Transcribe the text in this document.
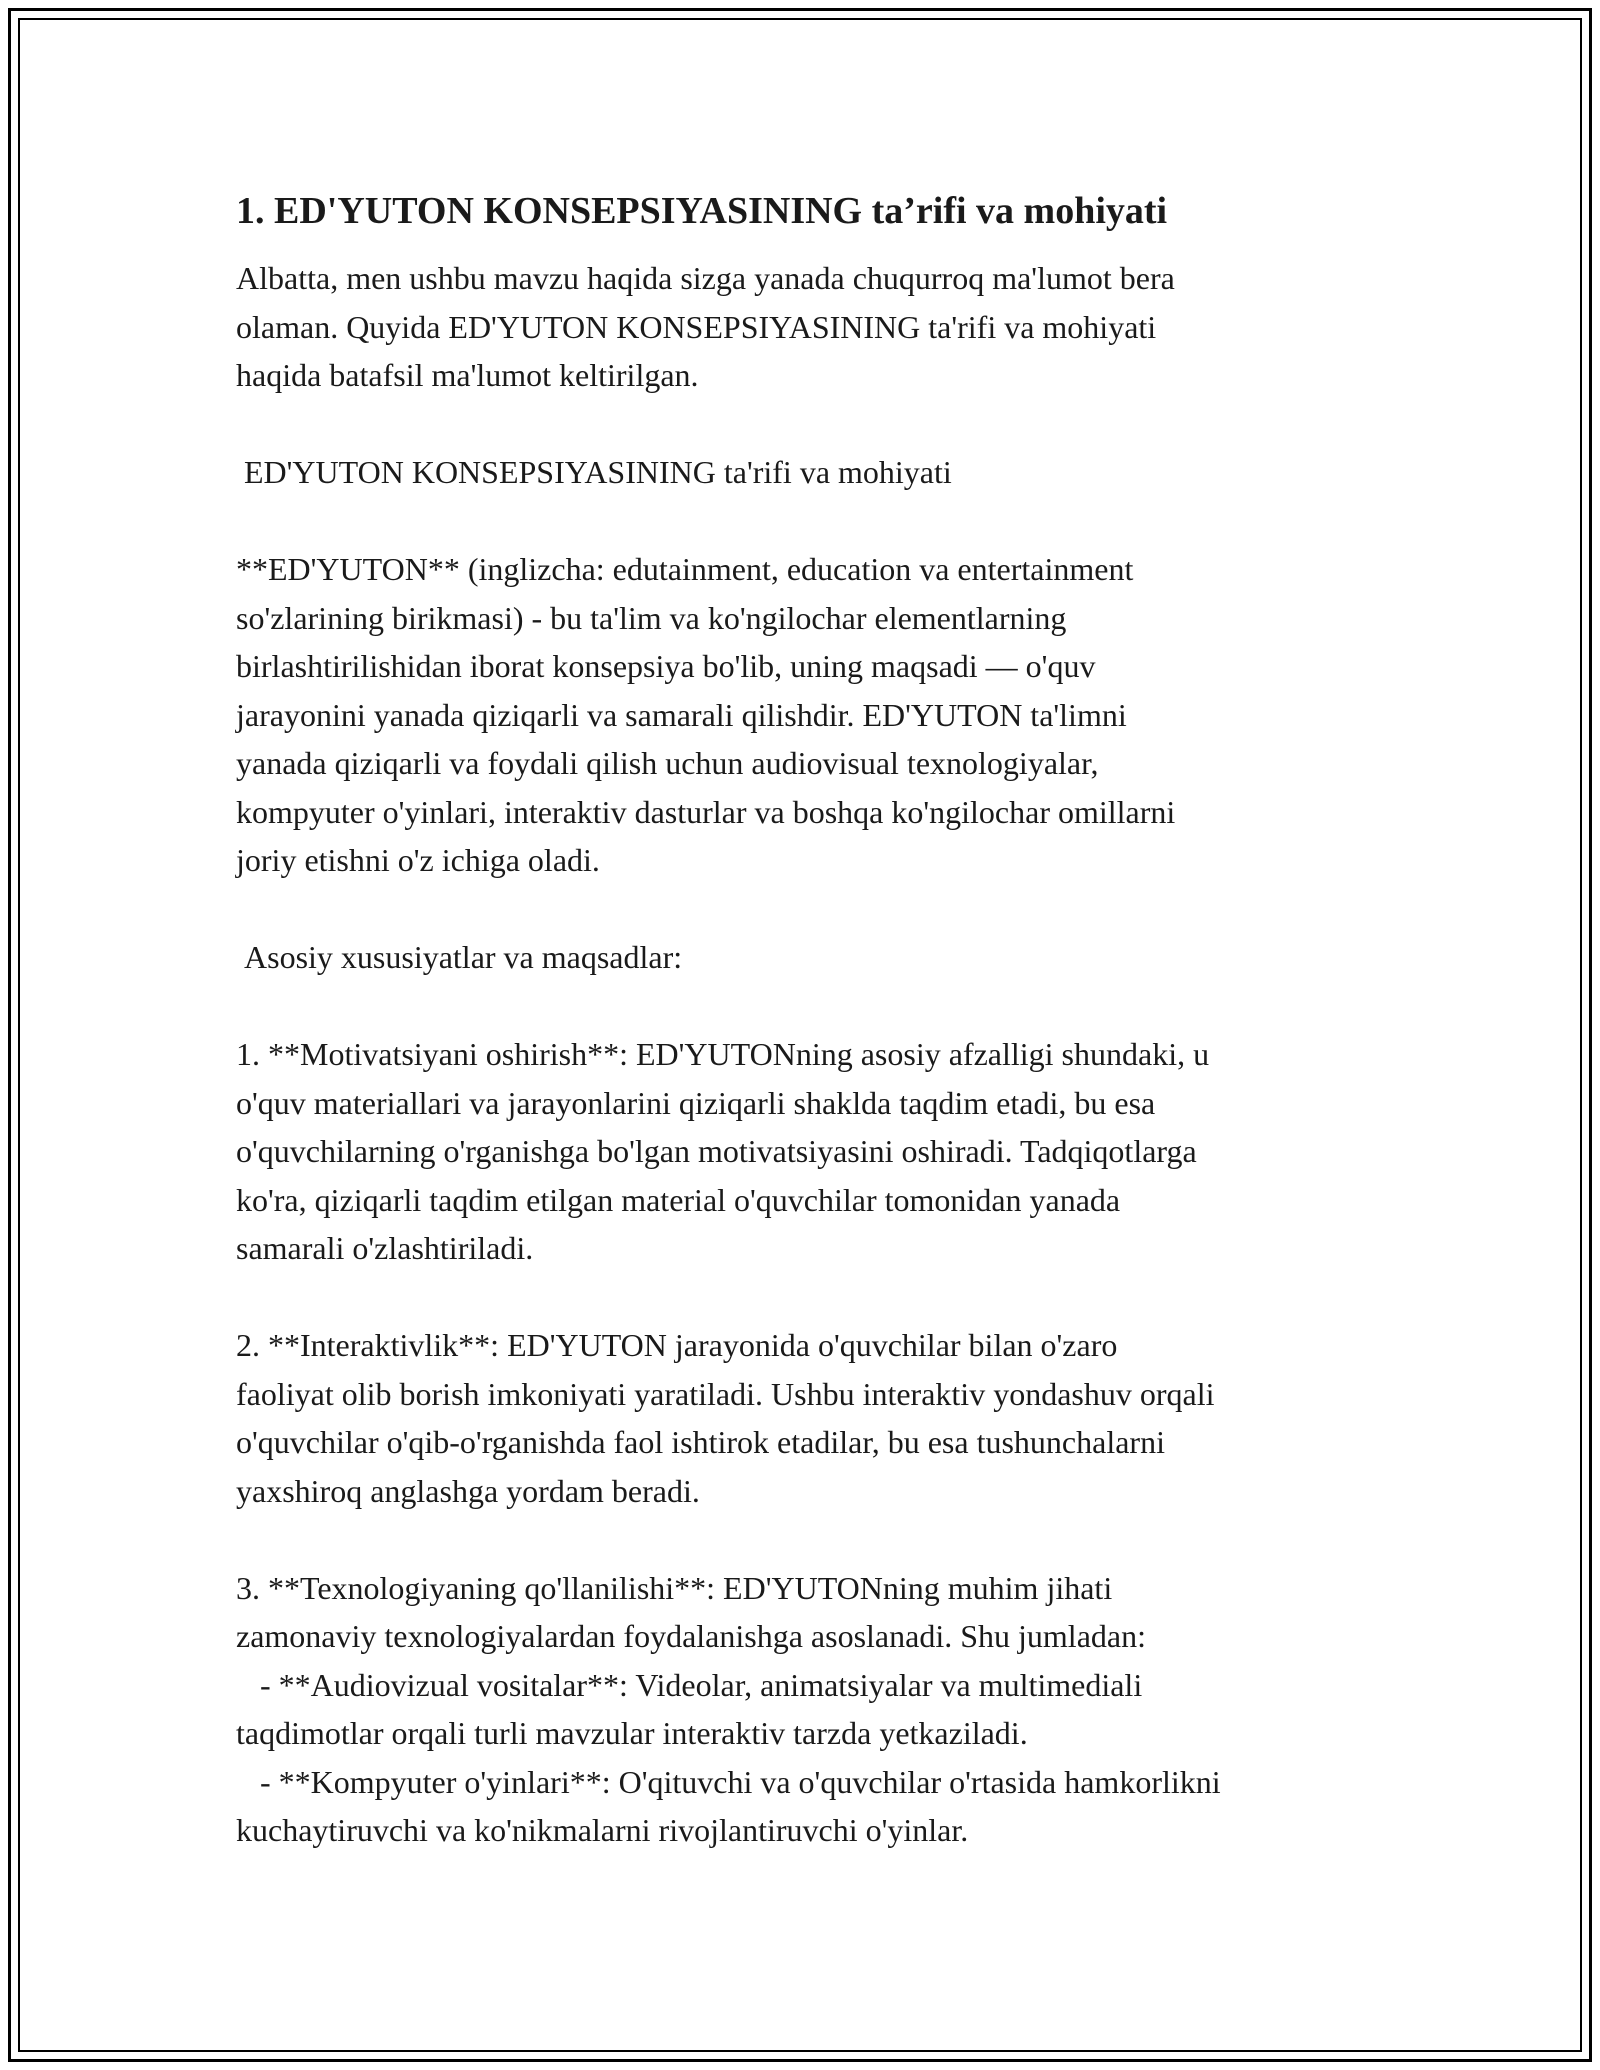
1. ED'YUTON KONSEPSIYASINING ta’rifi va mohiyati

Albatta, men ushbu mavzu haqida sizga yanada chuqurroq ma'lumot bera
olaman. Quyida ED'YUTON KONSEPSIYASINING ta'rifi va mohiyati
haqida batafsil ma'lumot keltirilgan.

ED'YUTON KONSEPSIYASINING ta'rifi va mohiyati

**ED'YUTON** (inglizcha: edutainment, education va entertainment
so'zlarining birikmasi) - bu ta'lim va ko'ngilochar elementlarning
birlashtirilishidan iborat konsepsiya bo'lib, uning maqsadi — o'quv
jarayonini yanada qiziqarli va samarali qilishdir. ED'YUTON ta'limni
yanada qiziqarli va foydali qilish uchun audiovisual texnologiyalar,
kompyuter o'yinlari, interaktiv dasturlar va boshqa ko'ngilochar omillarni
joriy etishni o'z ichiga oladi.

Asosiy xususiyatlar va maqsadlar:

1. **Motivatsiyani oshirish**: ED'YUTONning asosiy afzalligi shundaki, u
o'quv materiallari va jarayonlarini qiziqarli shaklda taqdim etadi, bu esa
o'quvchilarning o'rganishga bo'lgan motivatsiyasini oshiradi. Tadqiqotlarga
ko'ra, qiziqarli taqdim etilgan material o'quvchilar tomonidan yanada
samarali o'zlashtiriladi.

2. **Interaktivlik**: ED'YUTON jarayonida o'quvchilar bilan o'zaro
faoliyat olib borish imkoniyati yaratiladi. Ushbu interaktiv yondashuv orqali
o'quvchilar o'qib-o'rganishda faol ishtirok etadilar, bu esa tushunchalarni
yaxshiroq anglashga yordam beradi.

3. **Texnologiyaning qo'llanilishi**: ED'YUTONning muhim jihati
zamonaviy texnologiyalardan foydalanishga asoslanadi. Shu jumladan:
- **Audiovizual vositalar**: Videolar, animatsiyalar va multimediali
taqdimotlar orqali turli mavzular interaktiv tarzda yetkaziladi.
- **Kompyuter o'yinlari**: O'qituvchi va o'quvchilar o'rtasida hamkorlikni
kuchaytiruvchi va ko'nikmalarni rivojlantiruvchi o'yinlar.
